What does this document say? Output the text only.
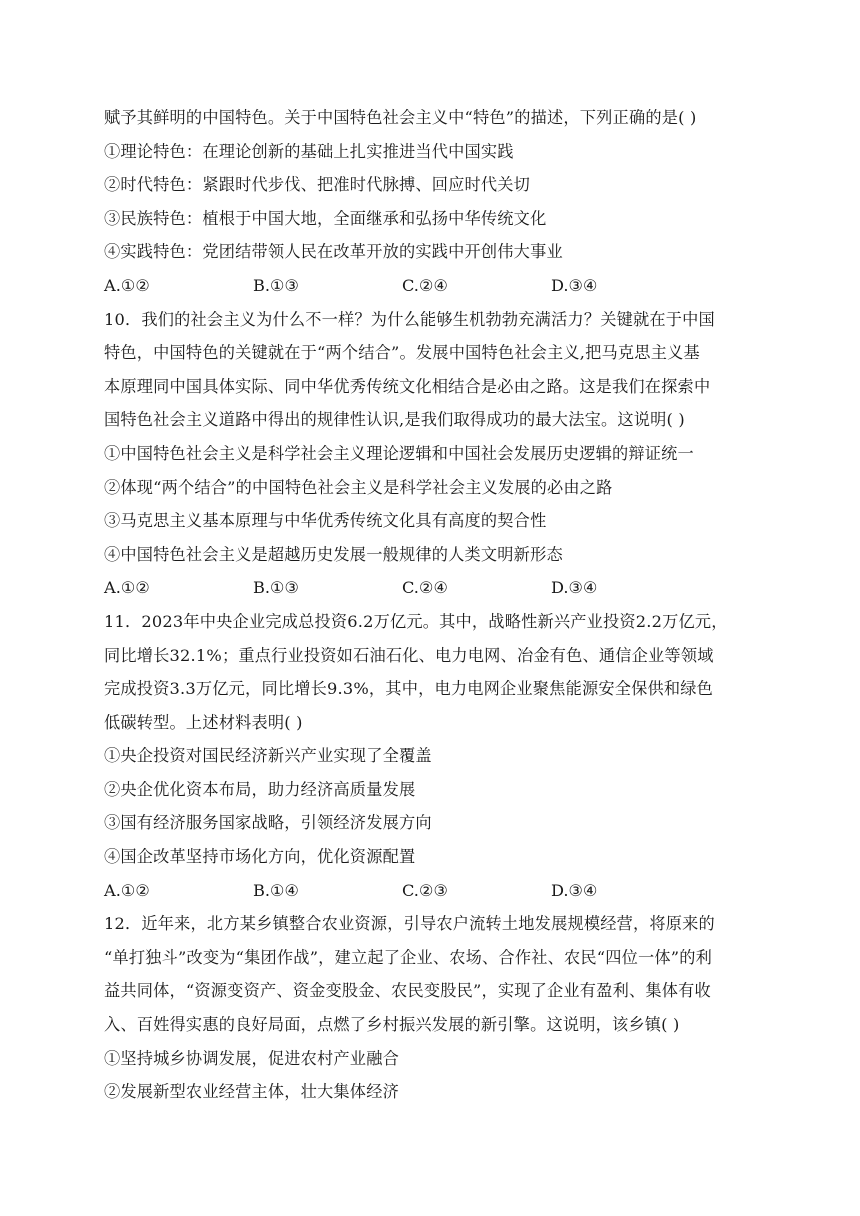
赋予其鲜明的中国特色。关于中国特色社会主义中“特色”的描述，下列正确的是( )
①理论特色：在理论创新的基础上扎实推进当代中国实践
②时代特色：紧跟时代步伐、把准时代脉搏、回应时代关切
③民族特色：植根于中国大地，全面继承和弘扬中华传统文化
④实践特色：党团结带领人民在改革开放的实践中开创伟大事业
A.①②	B.①③	C.②④	D.③④
10．我们的社会主义为什么不一样？为什么能够生机勃勃充满活力？关键就在于中国
特色，中国特色的关键就在于“两个结合”。发展中国特色社会主义,把马克思主义基
本原理同中国具体实际、同中华优秀传统文化相结合是必由之路。这是我们在探索中
国特色社会主义道路中得出的规律性认识,是我们取得成功的最大法宝。这说明( )
①中国特色社会主义是科学社会主义理论逻辑和中国社会发展历史逻辑的辩证统一
②体现“两个结合”的中国特色社会主义是科学社会主义发展的必由之路
③马克思主义基本原理与中华优秀传统文化具有高度的契合性
④中国特色社会主义是超越历史发展一般规律的人类文明新形态
A.①②	B.①③	C.②④	D.③④
11．2023年中央企业完成总投资6.2万亿元。其中，战略性新兴产业投资2.2万亿元，
同比增长32.1%；重点行业投资如石油石化、电力电网、冶金有色、通信企业等领域
完成投资3.3万亿元，同比增长9.3%，其中，电力电网企业聚焦能源安全保供和绿色
低碳转型。上述材料表明( )
①央企投资对国民经济新兴产业实现了全覆盖
②央企优化资本布局，助力经济高质量发展
③国有经济服务国家战略，引领经济发展方向
④国企改革坚持市场化方向，优化资源配置
A.①②	B.①④	C.②③	D.③④
12．近年来，北方某乡镇整合农业资源，引导农户流转土地发展规模经营，将原来的
“单打独斗”改变为“集团作战”，建立起了企业、农场、合作社、农民“四位一体”的利
益共同体，“资源变资产、资金变股金、农民变股民”，实现了企业有盈利、集体有收
入、百姓得实惠的良好局面，点燃了乡村振兴发展的新引擎。这说明，该乡镇( )
①坚持城乡协调发展，促进农村产业融合
②发展新型农业经营主体，壮大集体经济
